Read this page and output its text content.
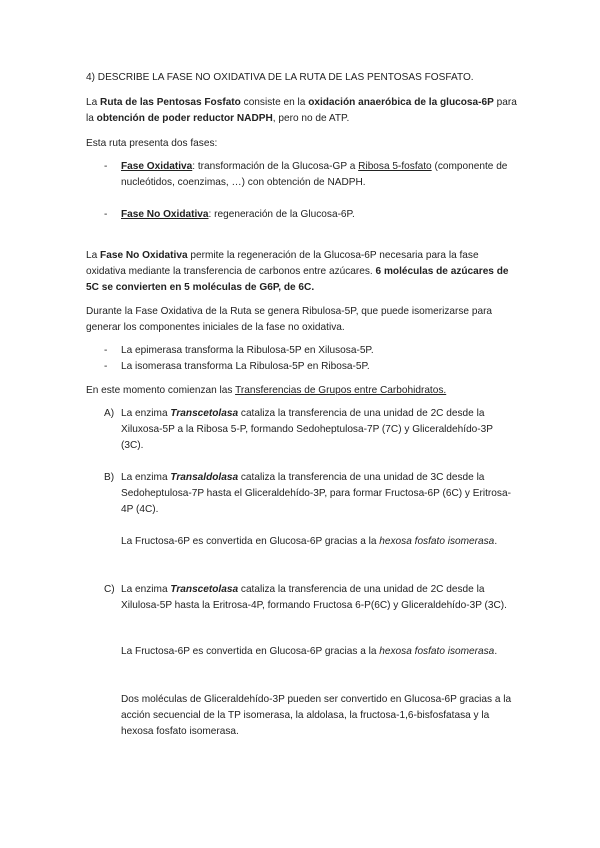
4) DESCRIBE LA FASE NO OXIDATIVA DE LA RUTA DE LAS PENTOSAS FOSFATO.

La Ruta de las Pentosas Fosfato consiste en la oxidación anaeróbica de la glucosa-6P para la obtención de poder reductor NADPH, pero no de ATP.

Esta ruta presenta dos fases:

- Fase Oxidativa: transformación de la Glucosa-GP a Ribosa 5-fosfato (componente de nucleótidos, coenzimas, …) con obtención de NADPH.
- Fase No Oxidativa: regeneración de la Glucosa-6P.

La Fase No Oxidativa permite la regeneración de la Glucosa-6P necesaria para la fase oxidativa mediante la transferencia de carbonos entre azúcares. 6 moléculas de azúcares de 5C se convierten en 5 moléculas de G6P, de 6C.

Durante la Fase Oxidativa de la Ruta se genera Ribulosa-5P, que puede isomerizarse para generar los componentes iniciales de la fase no oxidativa.

- La epimerasa transforma la Ribulosa-5P en Xilusosa-5P.
- La isomerasa transforma La Ribulosa-5P en Ribosa-5P.

En este momento comienzan las Transferencias de Grupos entre Carbohidratos.

A) La enzima Transcetolasa cataliza la transferencia de una unidad de 2C desde la Xiluxosa-5P a la Ribosa 5-P, formando Sedoheptulosa-7P (7C) y Gliceraldehído-3P (3C).
B) La enzima Transaldolasa cataliza la transferencia de una unidad de 3C desde la Sedoheptulosa-7P hasta el Gliceraldehído-3P, para formar Fructosa-6P (6C) y Eritrosa-4P (4C).

La Fructosa-6P es convertida en Glucosa-6P gracias a la hexosa fosfato isomerasa.

C) La enzima Transcetolasa cataliza la transferencia de una unidad de 2C desde la Xilulosa-5P hasta la Eritrosa-4P, formando Fructosa 6-P(6C) y Gliceraldehído-3P (3C).

La Fructosa-6P es convertida en Glucosa-6P gracias a la hexosa fosfato isomerasa.

Dos moléculas de Gliceraldehído-3P pueden ser convertido en Glucosa-6P gracias a la acción secuencial de la TP isomerasa, la aldolasa, la fructosa-1,6-bisfosfatasa y la hexosa fosfato isomerasa.
